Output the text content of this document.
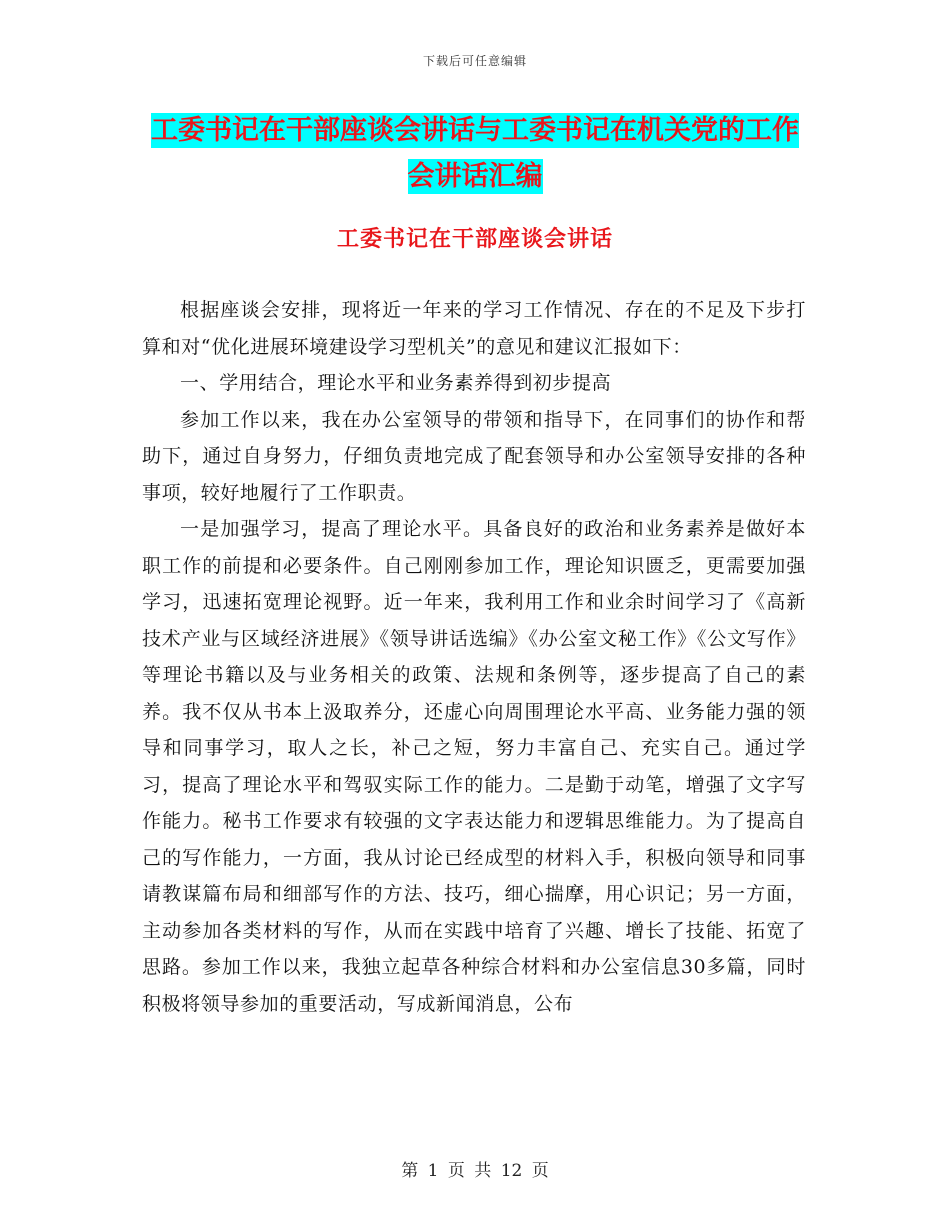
下载后可任意编辑
工委书记在干部座谈会讲话与工委书记在机关党的工作会讲话汇编
工委书记在干部座谈会讲话

根据座谈会安排，现将近一年来的学习工作情况、存在的不足及下步打算和对“优化进展环境建设学习型机关”的意见和建议汇报如下：

一、学用结合，理论水平和业务素养得到初步提高

参加工作以来，我在办公室领导的带领和指导下，在同事们的协作和帮助下，通过自身努力，仔细负责地完成了配套领导和办公室领导安排的各种事项，较好地履行了工作职责。

一是加强学习，提高了理论水平。具备良好的政治和业务素养是做好本职工作的前提和必要条件。自己刚刚参加工作，理论知识匮乏，更需要加强学习，迅速拓宽理论视野。近一年来，我利用工作和业余时间学习了《高新技术产业与区域经济进展》《领导讲话选编》《办公室文秘工作》《公文写作》等理论书籍以及与业务相关的政策、法规和条例等，逐步提高了自己的素养。我不仅从书本上汲取养分，还虚心向周围理论水平高、业务能力强的领导和同事学习，取人之长，补己之短，努力丰富自己、充实自己。通过学习，提高了理论水平和驾驭实际工作的能力。二是勤于动笔，增强了文字写作能力。秘书工作要求有较强的文字表达能力和逻辑思维能力。为了提高自己的写作能力，一方面，我从讨论已经成型的材料入手，积极向领导和同事请教谋篇布局和细部写作的方法、技巧，细心揣摩，用心识记；另一方面，主动参加各类材料的写作，从而在实践中培育了兴趣、增长了技能、拓宽了思路。参加工作以来，我独立起草各种综合材料和办公室信息30多篇，同时积极将领导参加的重要活动，写成新闻消息，公布

第 1 页 共 12 页
